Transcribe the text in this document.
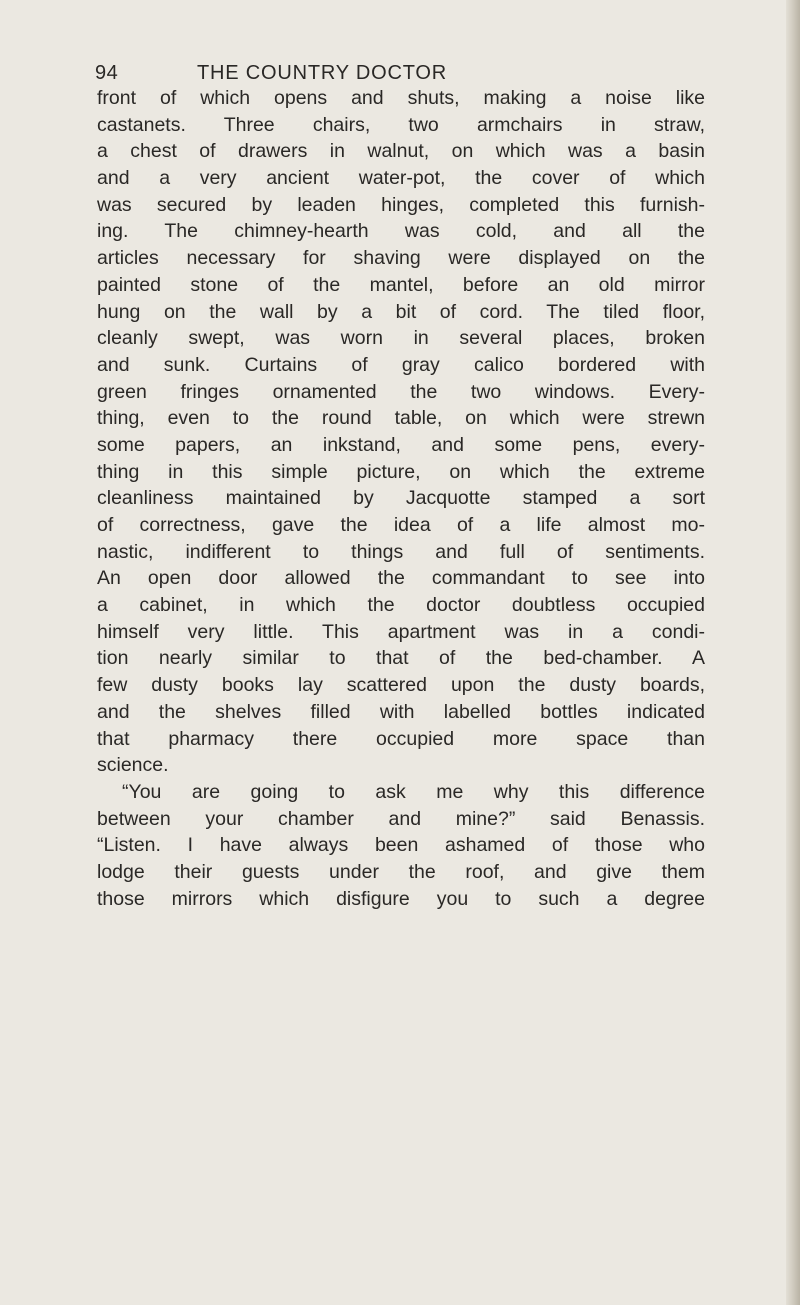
94	THE COUNTRY DOCTOR
front of which opens and shuts, making a noise like
castanets. Three chairs, two armchairs in straw,
a chest of drawers in walnut, on which was a basin
and a very ancient water-pot, the cover of which
was secured by leaden hinges, completed this furnish-
ing. The chimney-hearth was cold, and all the
articles necessary for shaving were displayed on the
painted stone of the mantel, before an old mirror
hung on the wall by a bit of cord. The tiled floor,
cleanly swept, was worn in several places, broken
and sunk. Curtains of gray calico bordered with
green fringes ornamented the two windows. Every-
thing, even to the round table, on which were strewn
some papers, an inkstand, and some pens, every-
thing in this simple picture, on which the extreme
cleanliness maintained by Jacquotte stamped a sort
of correctness, gave the idea of a life almost mo-
nastic, indifferent to things and full of sentiments.
An open door allowed the commandant to see into
a cabinet, in which the doctor doubtless occupied
himself very little. This apartment was in a condi-
tion nearly similar to that of the bed-chamber. A
few dusty books lay scattered upon the dusty boards,
and the shelves filled with labelled bottles indicated
that pharmacy there occupied more space than
science.
“You are going to ask me why this difference
between your chamber and mine?” said Benassis.
“Listen. I have always been ashamed of those who
lodge their guests under the roof, and give them
those mirrors which disfigure you to such a degree
